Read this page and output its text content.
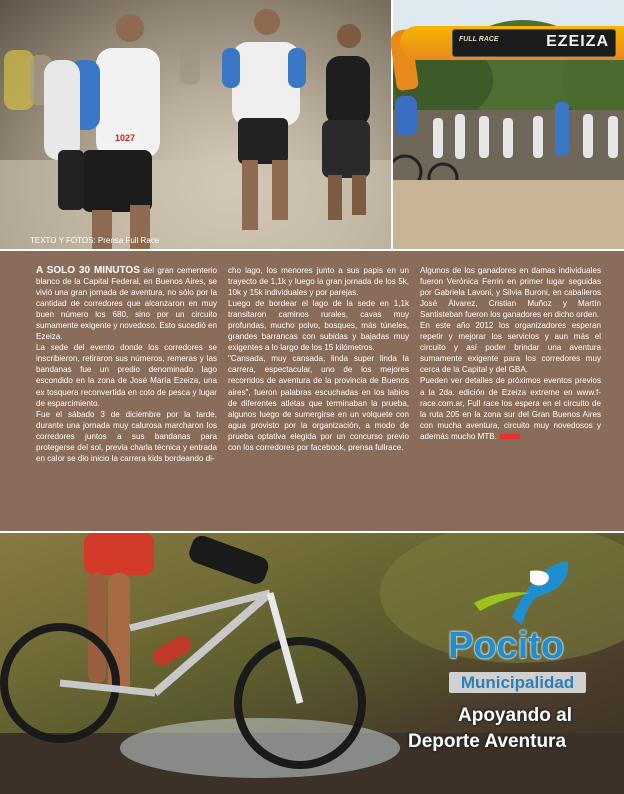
1027
TEXTO Y FOTOS: Prensa Full Race
FULL RACE	EZEIZA

A SOLO 30 MINUTOS del gran cementerio blanco de la Capital Federal, en Buenos Aires, se vivió una gran jornada de aventura, no sólo por la cantidad de corredores que alcanzaron en muy buen número los 680, sino por un circuito sumamente exigente y novedoso. Esto sucedió en Ezeiza.

La sede del evento donde los corredores se inscribieron, retiraron sus números, remeras y las bandanas fue un predio denominado lago escondido en la zona de José María Ezeiza, una ex tosquera reconvertida en coto de pesca y lugar de esparcimiento.

Fue el sábado 3 de diciembre por la tarde, durante una jornada muy calurosa marcharon los corredores juntos a sus bandanas para protegerse del sol, previa charla técnica y entrada en calor se dio inicio la carrera kids bordeando di-

cho lago, los menores junto a sus papis en un trayecto de 1,1k y luego la gran jornada de los 5k, 10k y 15k individuales y por parejas.

Luego de bordear el lago de la sede en 1,1k transitaron caminos rurales, cavas muy profundas, mucho polvo, bosques, más túneles, grandes barrancas con subidas y bajadas muy exigentes a lo largo de los 15 kilómetros.

"Cansada, muy cansada, linda super linda la carrera, espectacular, uno de los mejores recorridos de aventura de la provincia de Buenos aires", fueron palabras escuchadas en los labios de diferentes atletas que terminaban la prueba, algunos luego de sumergirse en un volquete con agua provisto por la organización, a modo de prueba optativa elegida por un concurso previo con los corredores por facebook, prensa fullrace.

Algunos de los ganadores en damas individuales fueron Verónica Ferrin en primer lugar seguidas por Gabriela Lavoni, y Silvia Buroni, en caballeros José Álvarez, Cristian Muñoz y Martín Santisteban fueron los ganadores en dicho orden.

En este año 2012 los organizadores esperan repetir y mejorar los servicios y aun más el circuito y así poder brindar una aventura sumamente exigente para los corredores muy cerca de la Capital y del GBA.

Pueden ver detalles de próximos eventos previos a la 2da. edición de Ezeiza extreme en www.f-race.com.ar, Full race los espera en el circuito de la ruta 205 en la zona sur del Gran Buenos Aires con mucha aventura, circuito muy novedosos y además mucho MTB.

Pocito
Municipalidad
Apoyando al
Deporte Aventura
